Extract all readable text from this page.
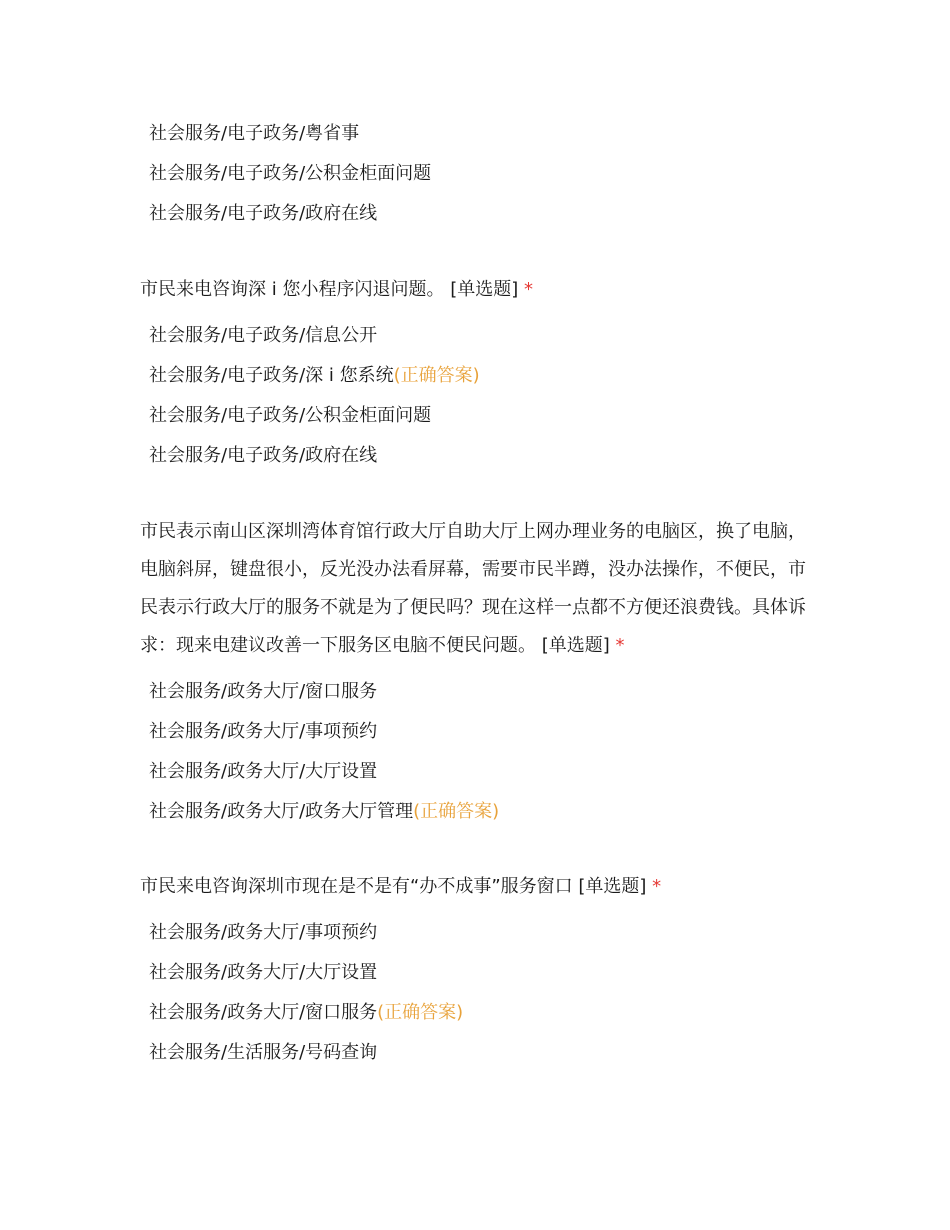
社会服务/电子政务/粤省事
社会服务/电子政务/公积金柜面问题
社会服务/电子政务/政府在线
市民来电咨询深 i 您小程序闪退问题。 [单选题] *
社会服务/电子政务/信息公开
社会服务/电子政务/深 i 您系统(正确答案)
社会服务/电子政务/公积金柜面问题
社会服务/电子政务/政府在线
市民表示南山区深圳湾体育馆行政大厅自助大厅上网办理业务的电脑区，换了电脑，电脑斜屏，键盘很小，反光没办法看屏幕，需要市民半蹲，没办法操作，不便民，市民表示行政大厅的服务不就是为了便民吗？现在这样一点都不方便还浪费钱。具体诉求：现来电建议改善一下服务区电脑不便民问题。 [单选题] *
社会服务/政务大厅/窗口服务
社会服务/政务大厅/事项预约
社会服务/政务大厅/大厅设置
社会服务/政务大厅/政务大厅管理(正确答案)
市民来电咨询深圳市现在是不是有“办不成事”服务窗口 [单选题] *
社会服务/政务大厅/事项预约
社会服务/政务大厅/大厅设置
社会服务/政务大厅/窗口服务(正确答案)
社会服务/生活服务/号码查询
